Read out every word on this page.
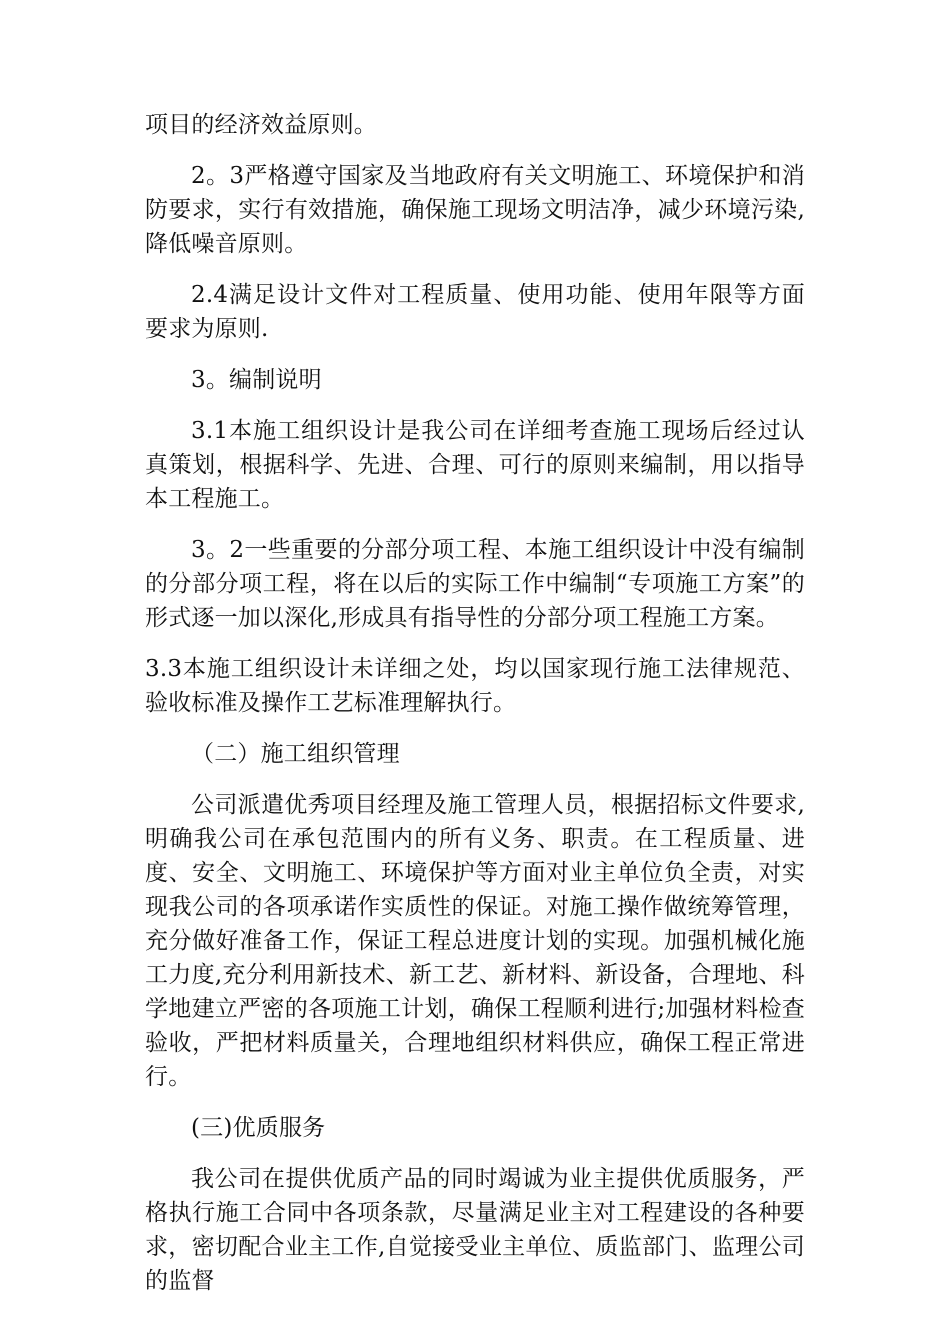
项目的经济效益原则。

2。3严格遵守国家及当地政府有关文明施工、环境保护和消防要求，实行有效措施，确保施工现场文明洁净，减少环境污染,降低噪音原则。

2.4满足设计文件对工程质量、使用功能、使用年限等方面要求为原则.

3。编制说明

3.1本施工组织设计是我公司在详细考查施工现场后经过认真策划，根据科学、先进、合理、可行的原则来编制，用以指导本工程施工。

3。2一些重要的分部分项工程、本施工组织设计中没有编制的分部分项工程，将在以后的实际工作中编制“专项施工方案”的形式逐一加以深化,形成具有指导性的分部分项工程施工方案。

3.3本施工组织设计未详细之处，均以国家现行施工法律规范、验收标准及操作工艺标准理解执行。

（二）施工组织管理

公司派遣优秀项目经理及施工管理人员，根据招标文件要求,明确我公司在承包范围内的所有义务、职责。在工程质量、进度、安全、文明施工、环境保护等方面对业主单位负全责，对实现我公司的各项承诺作实质性的保证。对施工操作做统筹管理，充分做好准备工作，保证工程总进度计划的实现。加强机械化施工力度,充分利用新技术、新工艺、新材料、新设备，合理地、科学地建立严密的各项施工计划，确保工程顺利进行;加强材料检查验收，严把材料质量关，合理地组织材料供应，确保工程正常进行。

(三)优质服务

我公司在提供优质产品的同时竭诚为业主提供优质服务，严格执行施工合同中各项条款，尽量满足业主对工程建设的各种要求，密切配合业主工作,自觉接受业主单位、质监部门、监理公司的监督
